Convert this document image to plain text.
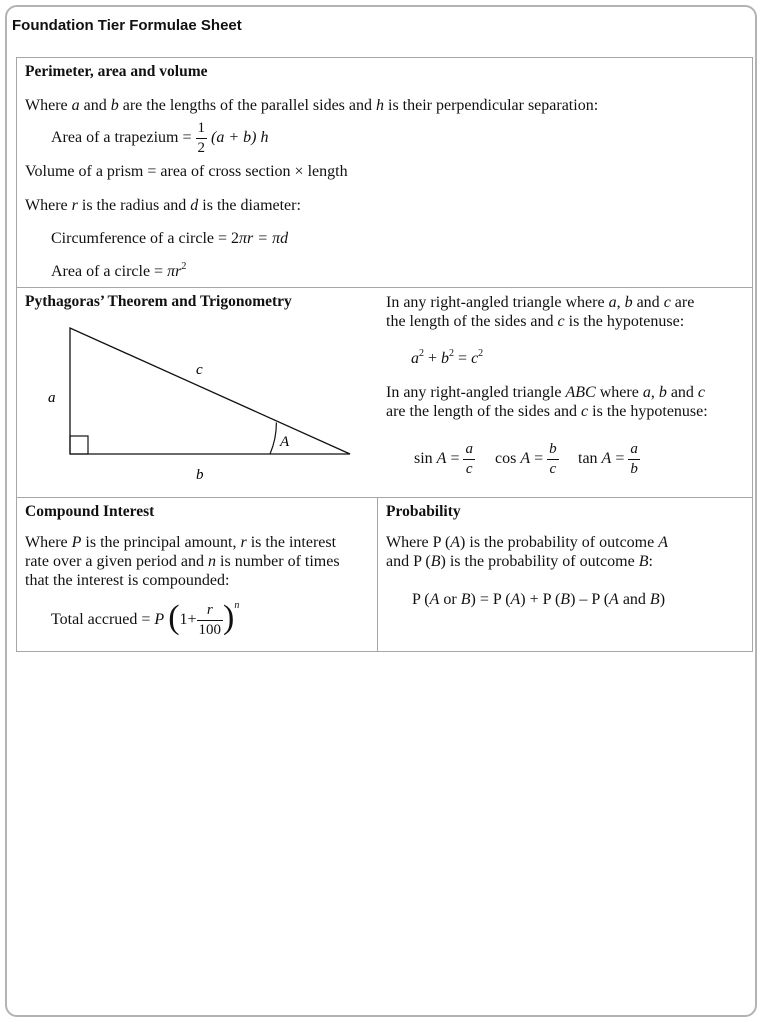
Foundation Tier Formulae Sheet
Perimeter, area and volume
Where a and b are the lengths of the parallel sides and h is their perpendicular separation:
Area of a trapezium = $\frac{1}{2} (a + b)$ h
Volume of a prism = area of cross section × length
Where r is the radius and d is the diameter:
Circumference of a circle = 2πr = πd
Area of a circle = $\pi r^2$
Pythagoras’ Theorem and Trigonometry
a
c
b
A
In any right-angled triangle where a, b and c are
the length of the sides and c is the hypotenuse:
$a^2 + b^2 = c^2$
In any right-angled triangle ABC where a, b and c
are the length of the sides and c is the hypotenuse:
$\sin A = \frac{a}{c}$ $\cos A = \frac{b}{c}$ $\tan A = \frac{a}{b}$
Compound Interest
Where P is the principal amount, r is the interest
rate over a given period and n is number of times
that the interest is compounded:
Total accrued = P $(1+ \frac{r}{100} )^n$
Probability
Where P (A) is the probability of outcome A
and P (B) is the probability of outcome B:
P (A or B) = P (A) + P (B) – P (A and B)
